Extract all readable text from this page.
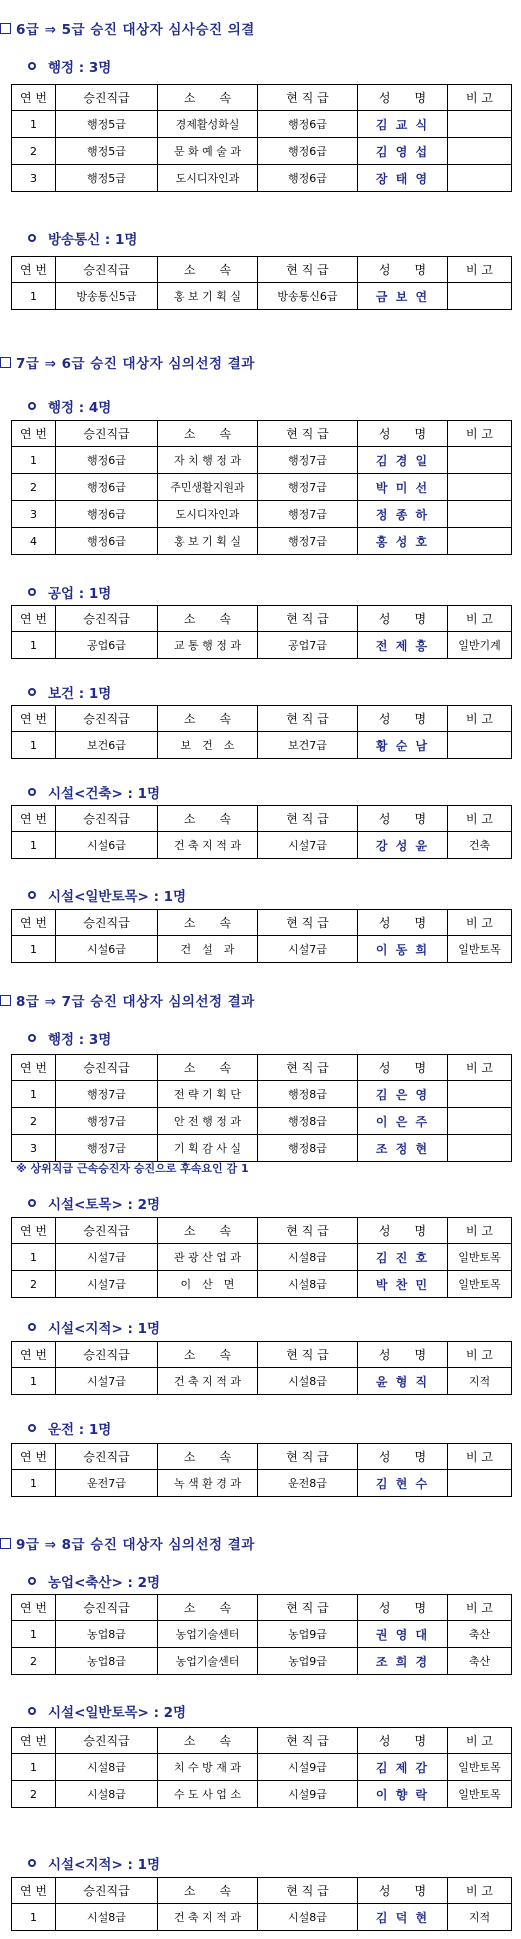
6급 ⇒ 5급 승진 대상자 심사승진 의결
행정 : 3명
연 번	승진직급	소　　속	현 직 급	성　　명	비 고
1	행정5급	경제활성화실	행정6급	김 교 식	
2	행정5급	문 화 예 술 과	행정6급	김 영 섭	
3	행정5급	도시디자인과	행정6급	장 태 영	
방송통신 : 1명
연 번	승진직급	소　　속	현 직 급	성　　명	비 고
1	방송통신5급	홍 보 기 획 실	방송통신6급	금 보 연	
7급 ⇒ 6급 승진 대상자 심의선정 결과
행정 : 4명
연 번	승진직급	소　　속	현 직 급	성　　명	비 고
1	행정6급	자 치 행 정 과	행정7급	김 경 일	
2	행정6급	주민생활지원과	행정7급	박 미 선	
3	행정6급	도시디자인과	행정7급	정 종 하	
4	행정6급	홍 보 기 획 실	행정7급	홍 성 호	
공업 : 1명
연 번	승진직급	소　　속	현 직 급	성　　명	비 고
1	공업6급	교 통 행 정 과	공업7급	전 제 흥	일반기계
보건 : 1명
연 번	승진직급	소　　속	현 직 급	성　　명	비 고
1	보건6급	보　건　소	보건7급	황 순 남	
시설<건축> : 1명
연 번	승진직급	소　　속	현 직 급	성　　명	비 고
1	시설6급	건 축 지 적 과	시설7급	강 성 윤	건축
시설<일반토목> : 1명
연 번	승진직급	소　　속	현 직 급	성　　명	비 고
1	시설6급	건　설　과	시설7급	이 동 희	일반토목
8급 ⇒ 7급 승진 대상자 심의선정 결과
행정 : 3명
연 번	승진직급	소　　속	현 직 급	성　　명	비 고
1	행정7급	전 략 기 획 단	행정8급	김 은 영	
2	행정7급	안 전 행 정 과	행정8급	이 은 주	
3	행정7급	기 획 감 사 실	행정8급	조 정 현	
※ 상위직급 근속승진자 승진으로 후속요인 감 1
시설<토목> : 2명
연 번	승진직급	소　　속	현 직 급	성　　명	비 고
1	시설7급	관 광 산 업 과	시설8급	김 진 호	일반토목
2	시설7급	이　산　면	시설8급	박 찬 민	일반토목
시설<지적> : 1명
연 번	승진직급	소　　속	현 직 급	성　　명	비 고
1	시설7급	건 축 지 적 과	시설8급	윤 형 직	지적
운전 : 1명
연 번	승진직급	소　　속	현 직 급	성　　명	비 고
1	운전7급	녹 색 환 경 과	운전8급	김 현 수	
9급 ⇒ 8급 승진 대상자 심의선정 결과
농업<축산> : 2명
연 번	승진직급	소　　속	현 직 급	성　　명	비 고
1	농업8급	농업기술센터	농업9급	권 영 대	축산
2	농업8급	농업기술센터	농업9급	조 희 경	축산
시설<일반토목> : 2명
연 번	승진직급	소　　속	현 직 급	성　　명	비 고
1	시설8급	치 수 방 재 과	시설9급	김 제 감	일반토목
2	시설8급	수 도 사 업 소	시설9급	이 향 락	일반토목
시설<지적> : 1명
연 번	승진직급	소　　속	현 직 급	성　　명	비 고
1	시설8급	건 축 지 적 과	시설8급	김 덕 현	지적
